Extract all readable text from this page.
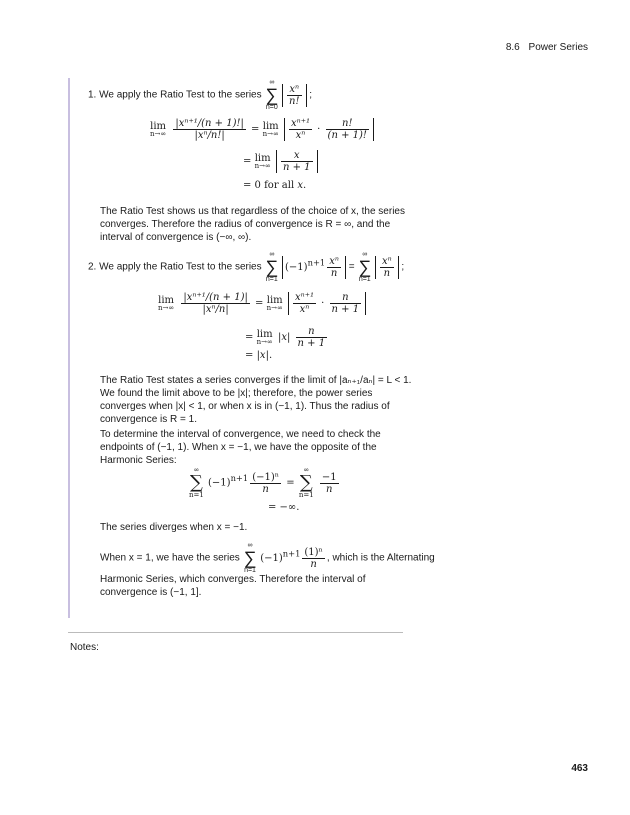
8.6 Power Series
1. We apply the Ratio Test to the series
∞
∑
n=0

$\frac{\text{xⁿ}}{n!}$ ;
lim
n→∞
$\frac{\text{|xⁿ⁺¹/(n + 1)!|}}{\text{|xⁿ/n!|}} = \lim$
n→∞
$\frac{\text{xⁿ⁺¹}}{\text{xⁿ}} \cdot \frac{n!}{(n + 1)!}$
= lim
n→∞
$\frac{x}{n + 1}$
= 0 for all x.
The Ratio Test shows us that regardless of the choice of x, the series converges. Therefore the radius of convergence is R = ∞, and the interval of convergence is (−∞, ∞).
2. We apply the Ratio Test to the series
∞
∑
n=1
$(-1)^{n+1} \frac{\text{xⁿ}}{n}$ =
∞
∑
n=1

$\frac{\text{xⁿ}}{n}$ ;
lim
n→∞
$\frac{\text{|xⁿ⁺¹/(n + 1)|}}{\text{|xⁿ/n|}} = \lim$
n→∞
$\frac{\text{xⁿ⁺¹}}{\text{xⁿ}} \cdot \frac{n}{n + 1}$
= lim
n→∞ $|x| \frac{n}{n + 1}$
= |x|.
The Ratio Test states a series converges if the limit of |aₙ₊₁/aₙ| = L < 1. We found the limit above to be |x|; therefore, the power series converges when |x| < 1, or when x is in (−1, 1). Thus the radius of convergence is R = 1.
To determine the interval of convergence, we need to check the endpoints of (−1, 1). When x = −1, we have the opposite of the Harmonic Series:
∞
∑
n=1
$(-1)^{n+1} \frac{\text{(−1)ⁿ}}{n}$ =
∞
∑
n=1

$\frac{-1}{n}$
= −∞.
The series diverges when x = −1.
When x = 1, we have the series
∞
∑
n=1
$(-1)^{n+1} \frac{\text{(1)ⁿ}}{n}$ , which is the Alternating
Harmonic Series, which converges. Therefore the interval of convergence is (−1, 1].
Notes:
463
